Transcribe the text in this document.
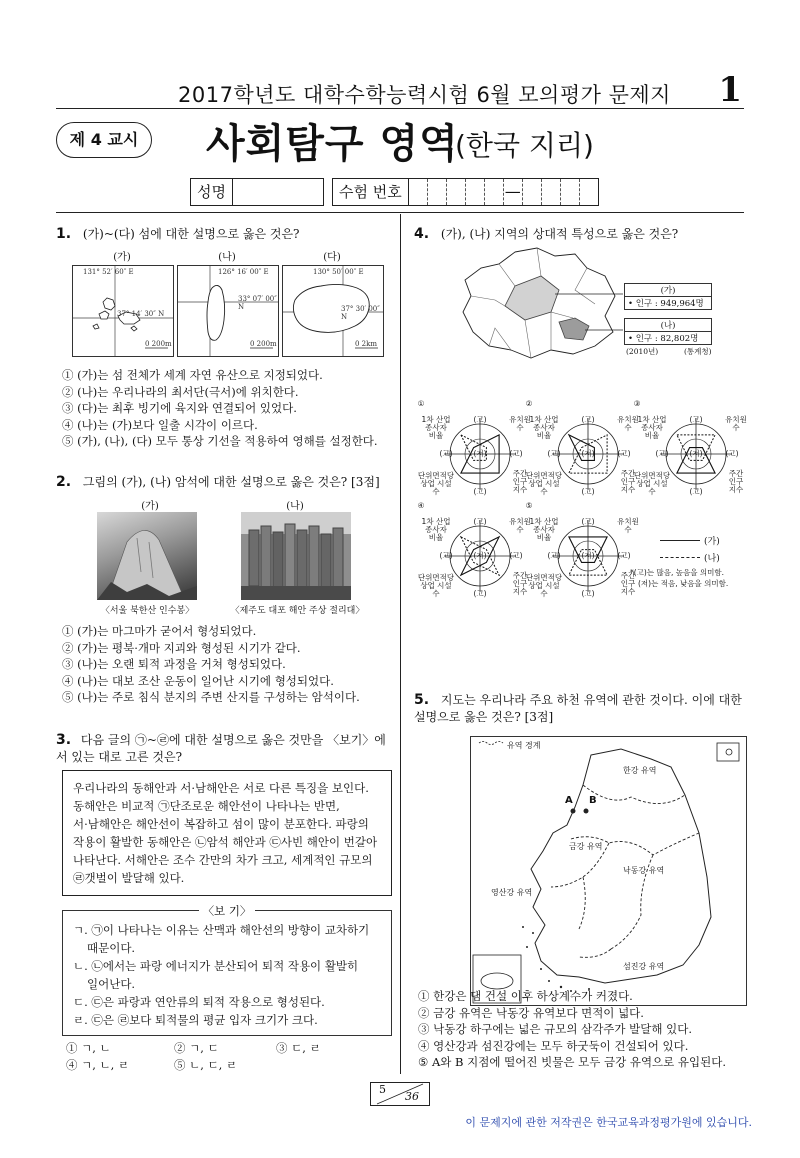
2017학년도 대학수학능력시험 6월 모의평가 문제지 1
제 4 교시	사회탐구 영역
(한국 지리)
성명	수험 번호	—
1. (가)~(다) 섬에 대한 설명으로 옳은 것은?
(가)	(나)	(다)
131° 52′ 60″ E
37° 14′ 30″ N
0 200m
126° 16′ 00″ E
33° 07′ 00″ N
0 200m
130° 50′ 00″ E
37° 30′ 00″ N
0 2km
① (가)는 섬 전체가 세계 자연 유산으로 지정되었다.
② (나)는 우리나라의 최서단(극서)에 위치한다.
③ (다)는 최후 빙기에 육지와 연결되어 있었다.
④ (나)는 (가)보다 일출 시각이 이르다.
⑤ (가), (나), (다) 모두 통상 기선을 적용하여 영해를 설정한다.
2. 그림의 (가), (나) 암석에 대한 설명으로 옳은 것은? [3점]
(가)	(나)
〈서울 북한산 인수봉〉	〈제주도 대포 해안 주상 절리대〉
① (가)는 마그마가 굳어서 형성되었다.
② (가)는 평북·개마 지괴와 형성된 시기가 같다.
③ (나)는 오랜 퇴적 과정을 거쳐 형성되었다.
④ (나)는 대보 조산 운동이 일어난 시기에 형성되었다.
⑤ (나)는 주로 침식 분지의 주변 산지를 구성하는 암석이다.
3. 다음 글의 ㉠~㉣에 대한 설명으로 옳은 것만을 〈보기〉에서 있는 대로 고른 것은?
우리나라의 동해안과 서·남해안은 서로 다른 특징을 보인다.
동해안은 비교적 ㉠단조로운 해안선이 나타나는 반면,
서·남해안은 해안선이 복잡하고 섬이 많이 분포한다. 파랑의
작용이 활발한 동해안은 ㉡암석 해안과 ㉢사빈 해안이 번갈아
나타난다. 서해안은 조수 간만의 차가 크고, 세계적인 규모의
㉣갯벌이 발달해 있다.
〈보 기〉
ㄱ. ㉠이 나타나는 이유는 산맥과 해안선의 방향이 교차하기
때문이다.
ㄴ. ㉡에서는 파랑 에너지가 분산되어 퇴적 작용이 활발히
일어난다.
ㄷ. ㉢은 파랑과 연안류의 퇴적 작용으로 형성된다.
ㄹ. ㉢은 ㉣보다 퇴적물의 평균 입자 크기가 크다.
① ㄱ, ㄴ	② ㄱ, ㄷ	③ ㄷ, ㄹ
④ ㄱ, ㄴ, ㄹ	⑤ ㄴ, ㄷ, ㄹ
4. (가), (나) 지역의 상대적 특성으로 옳은 것은?
(가)
• 인구 : 949,964명
(나)
• 인구 : 82,802명
(2010년)	(통계청)
①
1차 산업
종사자
비율
유치원
수
단위면적당
상업 시설
수
주간
인구
지수
(고)
(고)
(고)	(고)
(저)
②
1차 산업
종사자
비율
유치원
수
단위면적당
상업 시설
수
주간
인구
지수
(고)
(고)
(고)	(고)
(저)
③
1차 산업
종사자
비율
유치원
수
단위면적당
상업 시설
수
주간
인구
지수
(고)
(고)
(고)	(고)
(저)
④
1차 산업
종사자
비율
유치원
수
단위면적당
상업 시설
수
주간
인구
지수
(고)
(고)
(고)	(고)
(저)
⑤
1차 산업
종사자
비율
유치원
수
단위면적당
상업 시설
수
주간
인구
지수
(고)
(고)
(고)	(고)
(저)
(가)
(나)
*(고)는 많음, 높음을 의미함.
(저)는 적음, 낮음을 의미함.
5. 지도는 우리나라 주요 하천 유역에 관한 것이다. 이에 대한 설명으로 옳은 것은? [3점]
유역 경계
한강 유역
금강 유역
낙동강 유역
영산강 유역
섬진강 유역
A B
① 한강은 댐 건설 이후 하상계수가 커졌다.
② 금강 유역은 낙동강 유역보다 면적이 넓다.
③ 낙동강 하구에는 넓은 규모의 삼각주가 발달해 있다.
④ 영산강과 섬진강에는 모두 하굿둑이 건설되어 있다.
⑤ A와 B 지점에 떨어진 빗물은 모두 금강 유역으로 유입된다.
5
36
이 문제지에 관한 저작권은 한국교육과정평가원에 있습니다.
